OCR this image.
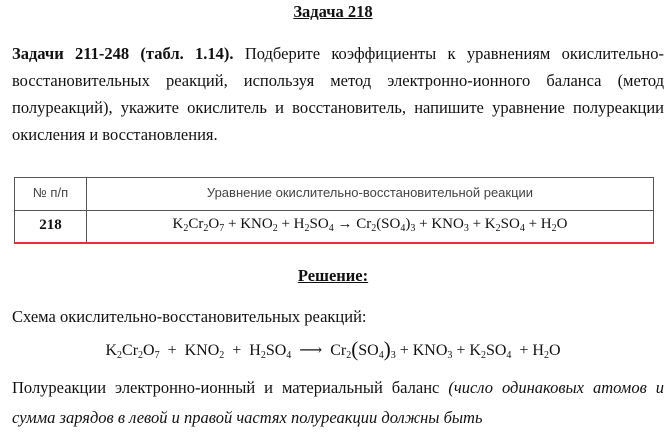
Задача 218
Задачи 211-248 (табл. 1.14). Подберите коэффициенты к уравнениям окислительно-восстановительных реакций, используя метод электронно-ионного баланса (метод полуреакций), укажите окислитель и восстановитель, напишите уравнение полуреакции окисления и восстановления.
№ п/п	Уравнение окислительно-восстановительной реакции
218	$K_2Cr_2O_7 + KNO_2 + H_2SO_4 \to Cr_2(SO_4)_3 + KNO_3 + K_2SO_4 + H_2O$
Решение:
Схема окислительно-восстановительных реакций:
$K_2Cr_2O_7 + KNO_2 + H_2SO_4$  ⟶  $Cr_2(SO_4)_3 + KNO_3 + K_2SO_4 + H_2O$
Полуреакции электронно-ионный и материальный баланс (число одинаковых атомов и сумма зарядов в левой и правой частях полуреакции должны быть
